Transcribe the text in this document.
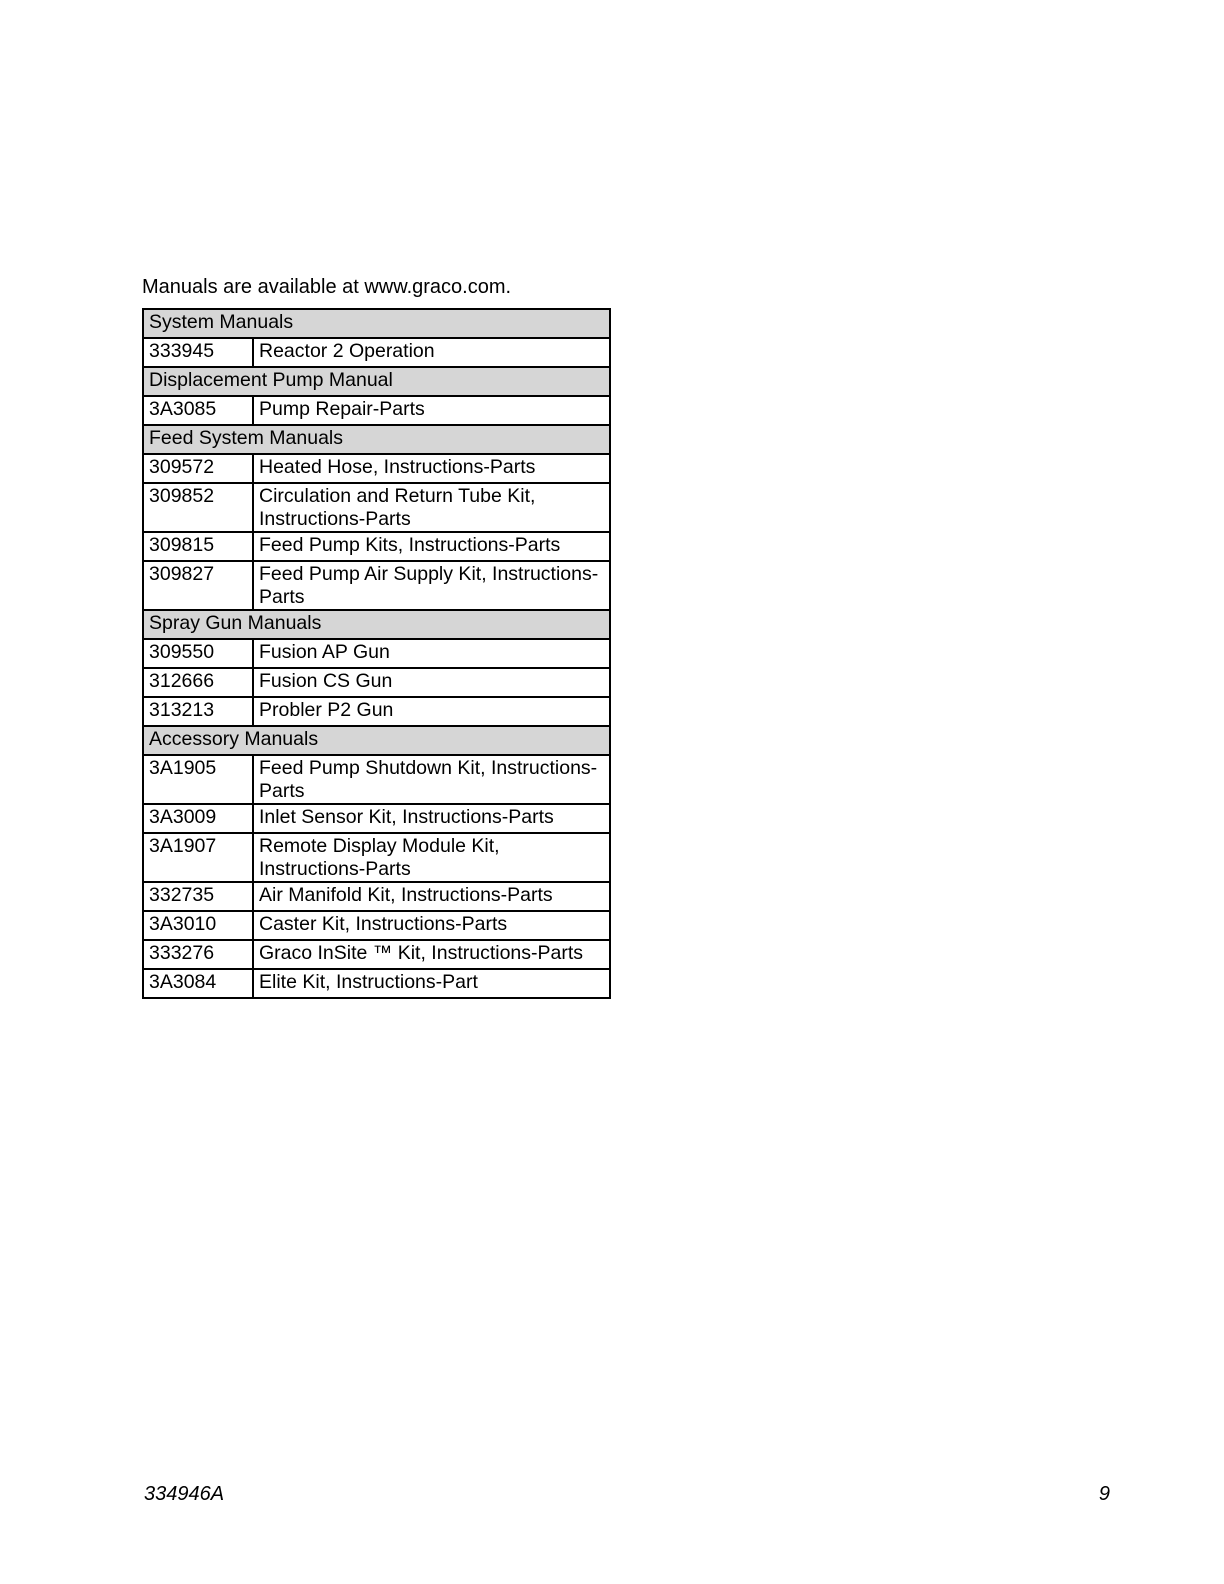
Manuals are available at www.graco.com.
System Manuals	
333945	Reactor 2 Operation
Displacement Pump Manual	
3A3085	Pump Repair-Parts
Feed System Manuals	
309572	Heated Hose, Instructions-Parts
309852	Circulation and Return Tube Kit, Instructions-Parts
309815	Feed Pump Kits, Instructions-Parts
309827	Feed Pump Air Supply Kit, Instructions-Parts
Spray Gun Manuals	
309550	Fusion AP Gun
312666	Fusion CS Gun
313213	Probler P2 Gun
Accessory Manuals	
3A1905	Feed Pump Shutdown Kit, Instructions-Parts
3A3009	Inlet Sensor Kit, Instructions-Parts
3A1907	Remote Display Module Kit, Instructions-Parts
332735	Air Manifold Kit, Instructions-Parts
3A3010	Caster Kit, Instructions-Parts
333276	Graco InSite ™ Kit, Instructions-Parts
3A3084	Elite Kit, Instructions-Part
334946A	9
